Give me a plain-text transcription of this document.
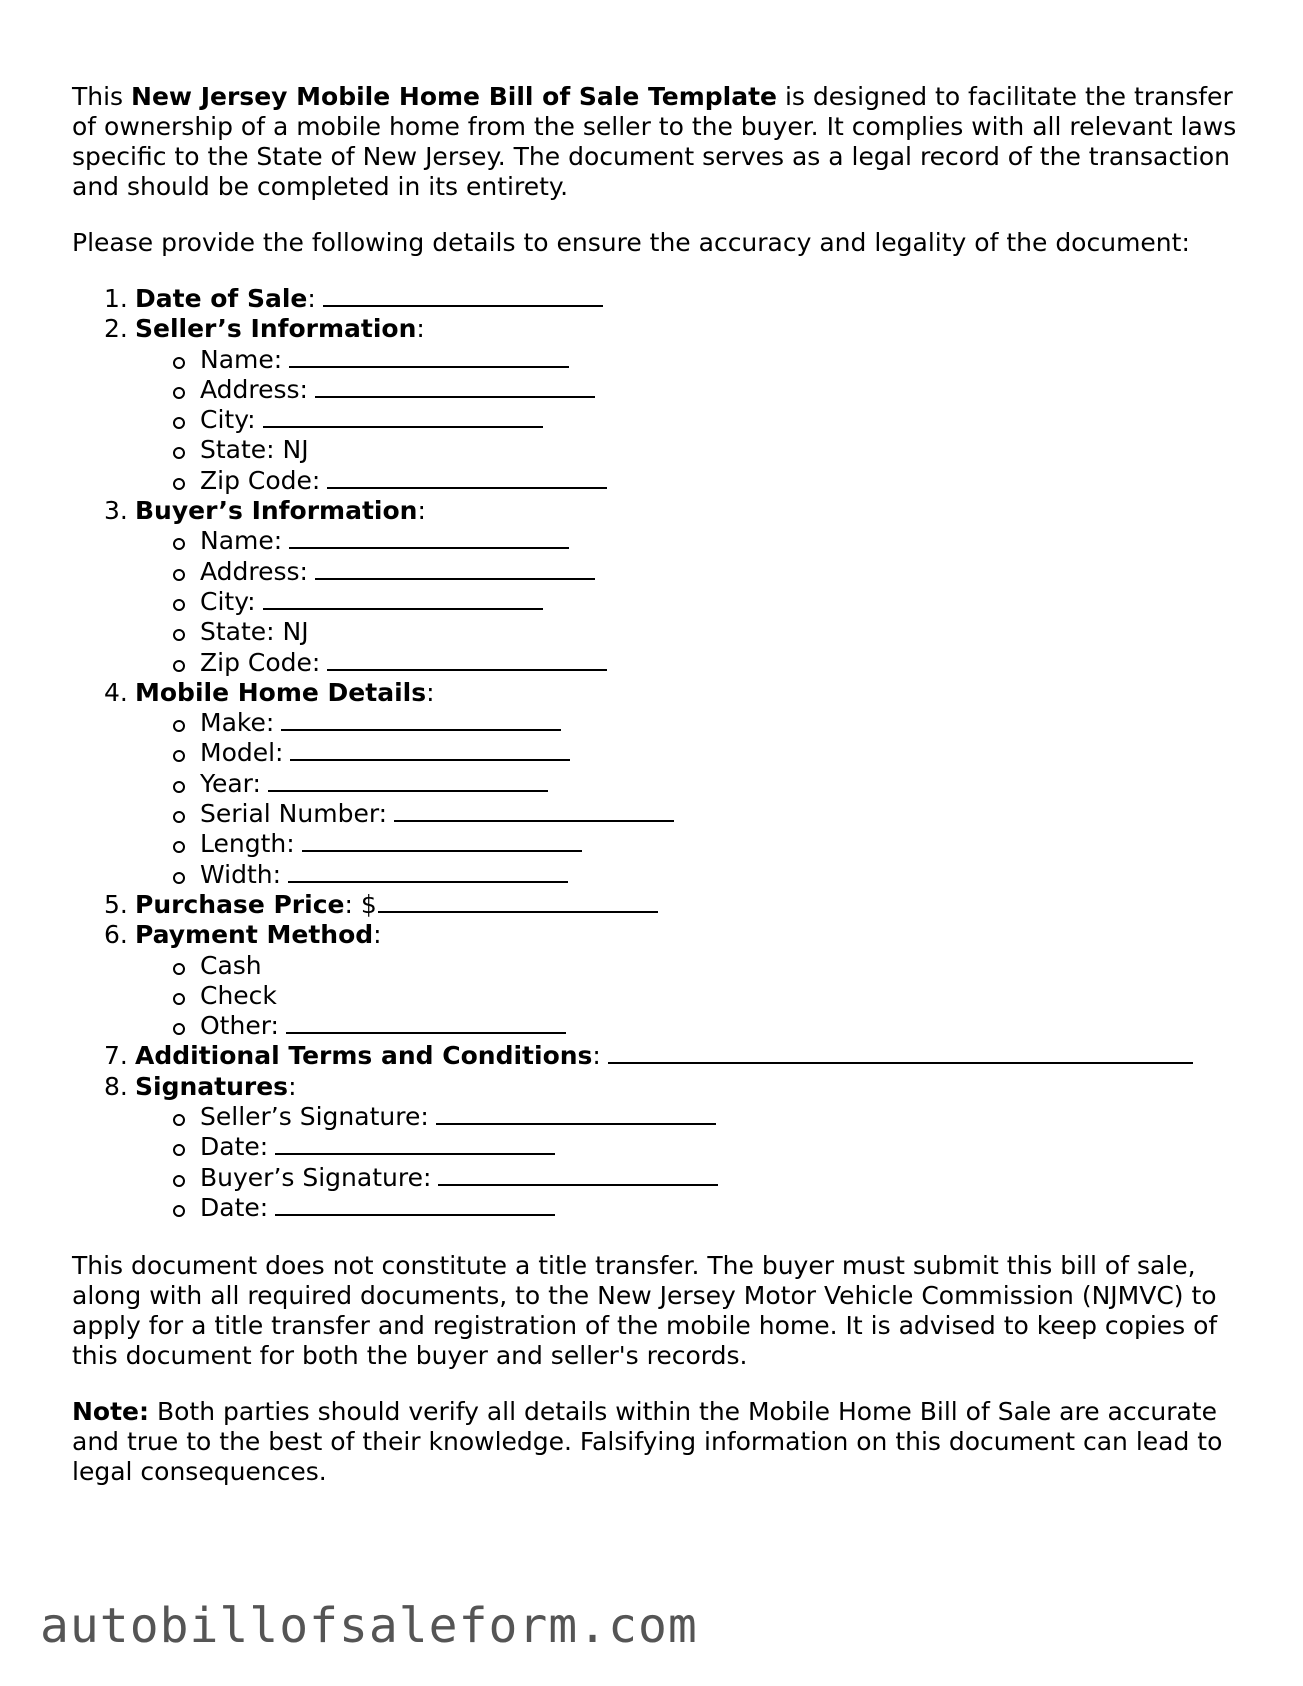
This New Jersey Mobile Home Bill of Sale Template is designed to facilitate the transfer of ownership of a mobile home from the seller to the buyer. It complies with all relevant laws specific to the State of New Jersey. The document serves as a legal record of the transaction and should be completed in its entirety.

Please provide the following details to ensure the accuracy and legality of the document:

1. Date of Sale:
2. Seller’s Information:
Name:
Address:
City:
State: NJ
Zip Code:
3. Buyer’s Information:
Name:
Address:
City:
State: NJ
Zip Code:
4. Mobile Home Details:
Make:
Model:
Year:
Serial Number:
Length:
Width:
5. Purchase Price: $
6. Payment Method:
Cash
Check
Other:
7. Additional Terms and Conditions:
8. Signatures:
Seller’s Signature:
Date:
Buyer’s Signature:
Date:

This document does not constitute a title transfer. The buyer must submit this bill of sale, along with all required documents, to the New Jersey Motor Vehicle Commission (NJMVC) to apply for a title transfer and registration of the mobile home. It is advised to keep copies of this document for both the buyer and seller's records.

Note: Both parties should verify all details within the Mobile Home Bill of Sale are accurate and true to the best of their knowledge. Falsifying information on this document can lead to legal consequences.

autobillofsaleform.com
